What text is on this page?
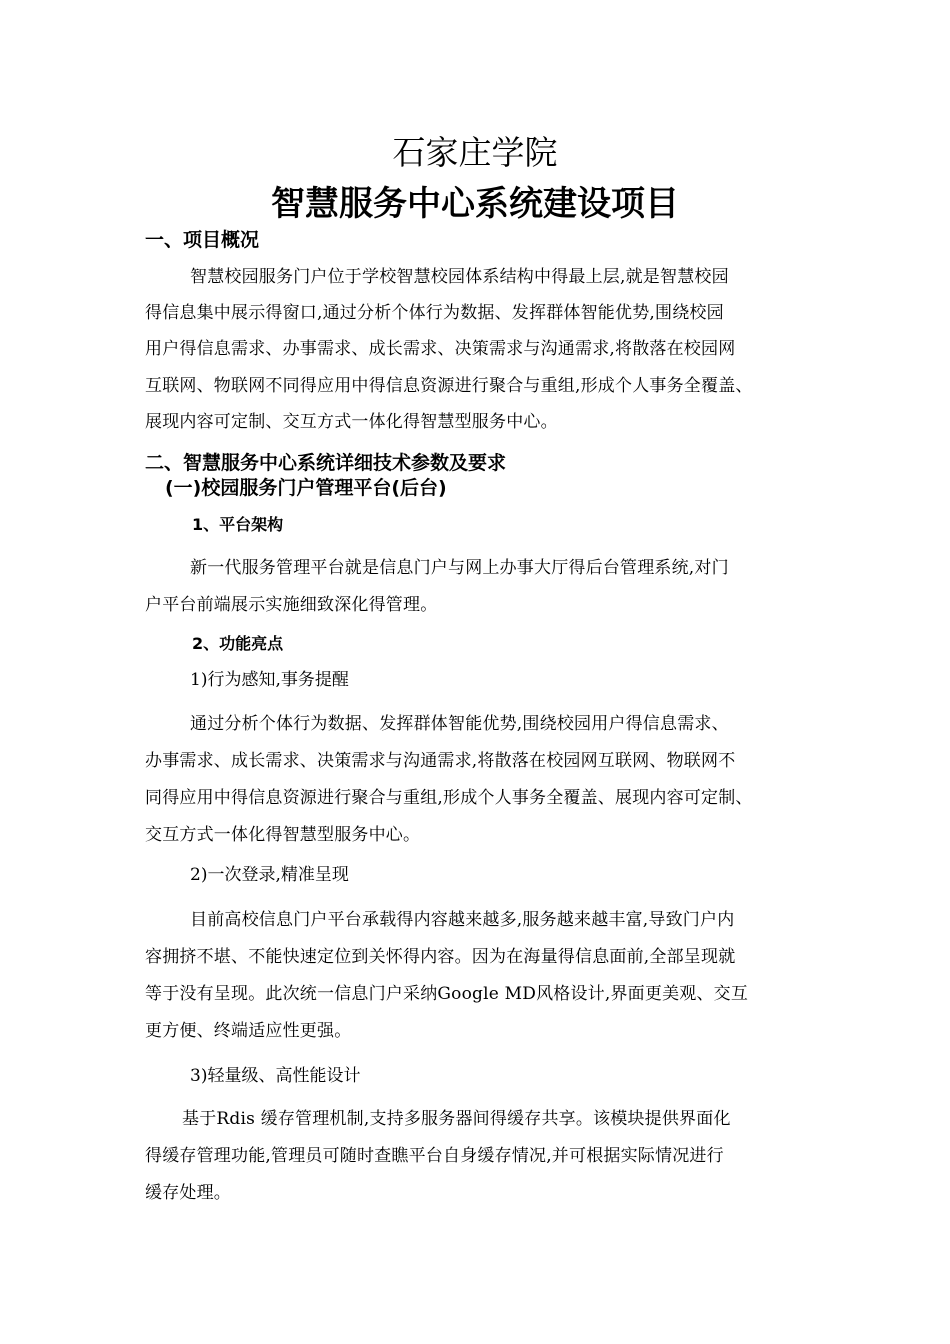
石家庄学院
智慧服务中心系统建设项目
一、项目概况
智慧校园服务门户位于学校智慧校园体系结构中得最上层,就是智慧校园
得信息集中展示得窗口,通过分析个体行为数据、发挥群体智能优势,围绕校园
用户得信息需求、办事需求、成长需求、决策需求与沟通需求,将散落在校园网
互联网、物联网不同得应用中得信息资源进行聚合与重组,形成个人事务全覆盖、
展现内容可定制、交互方式一体化得智慧型服务中心。
二、智慧服务中心系统详细技术参数及要求
(一)校园服务门户管理平台(后台)
1、平台架构
新一代服务管理平台就是信息门户与网上办事大厅得后台管理系统,对门
户平台前端展示实施细致深化得管理。
2、功能亮点
1)行为感知,事务提醒
通过分析个体行为数据、发挥群体智能优势,围绕校园用户得信息需求、
办事需求、成长需求、决策需求与沟通需求,将散落在校园网互联网、物联网不
同得应用中得信息资源进行聚合与重组,形成个人事务全覆盖、展现内容可定制、
交互方式一体化得智慧型服务中心。
2)一次登录,精准呈现
目前高校信息门户平台承载得内容越来越多,服务越来越丰富,导致门户内
容拥挤不堪、不能快速定位到关怀得内容。因为在海量得信息面前,全部呈现就
等于没有呈现。此次统一信息门户采纳Google MD风格设计,界面更美观、交互
更方便、终端适应性更强。
3)轻量级、高性能设计
基于Rdis 缓存管理机制,支持多服务器间得缓存共享。该模块提供界面化
得缓存管理功能,管理员可随时查瞧平台自身缓存情况,并可根据实际情况进行
缓存处理。
